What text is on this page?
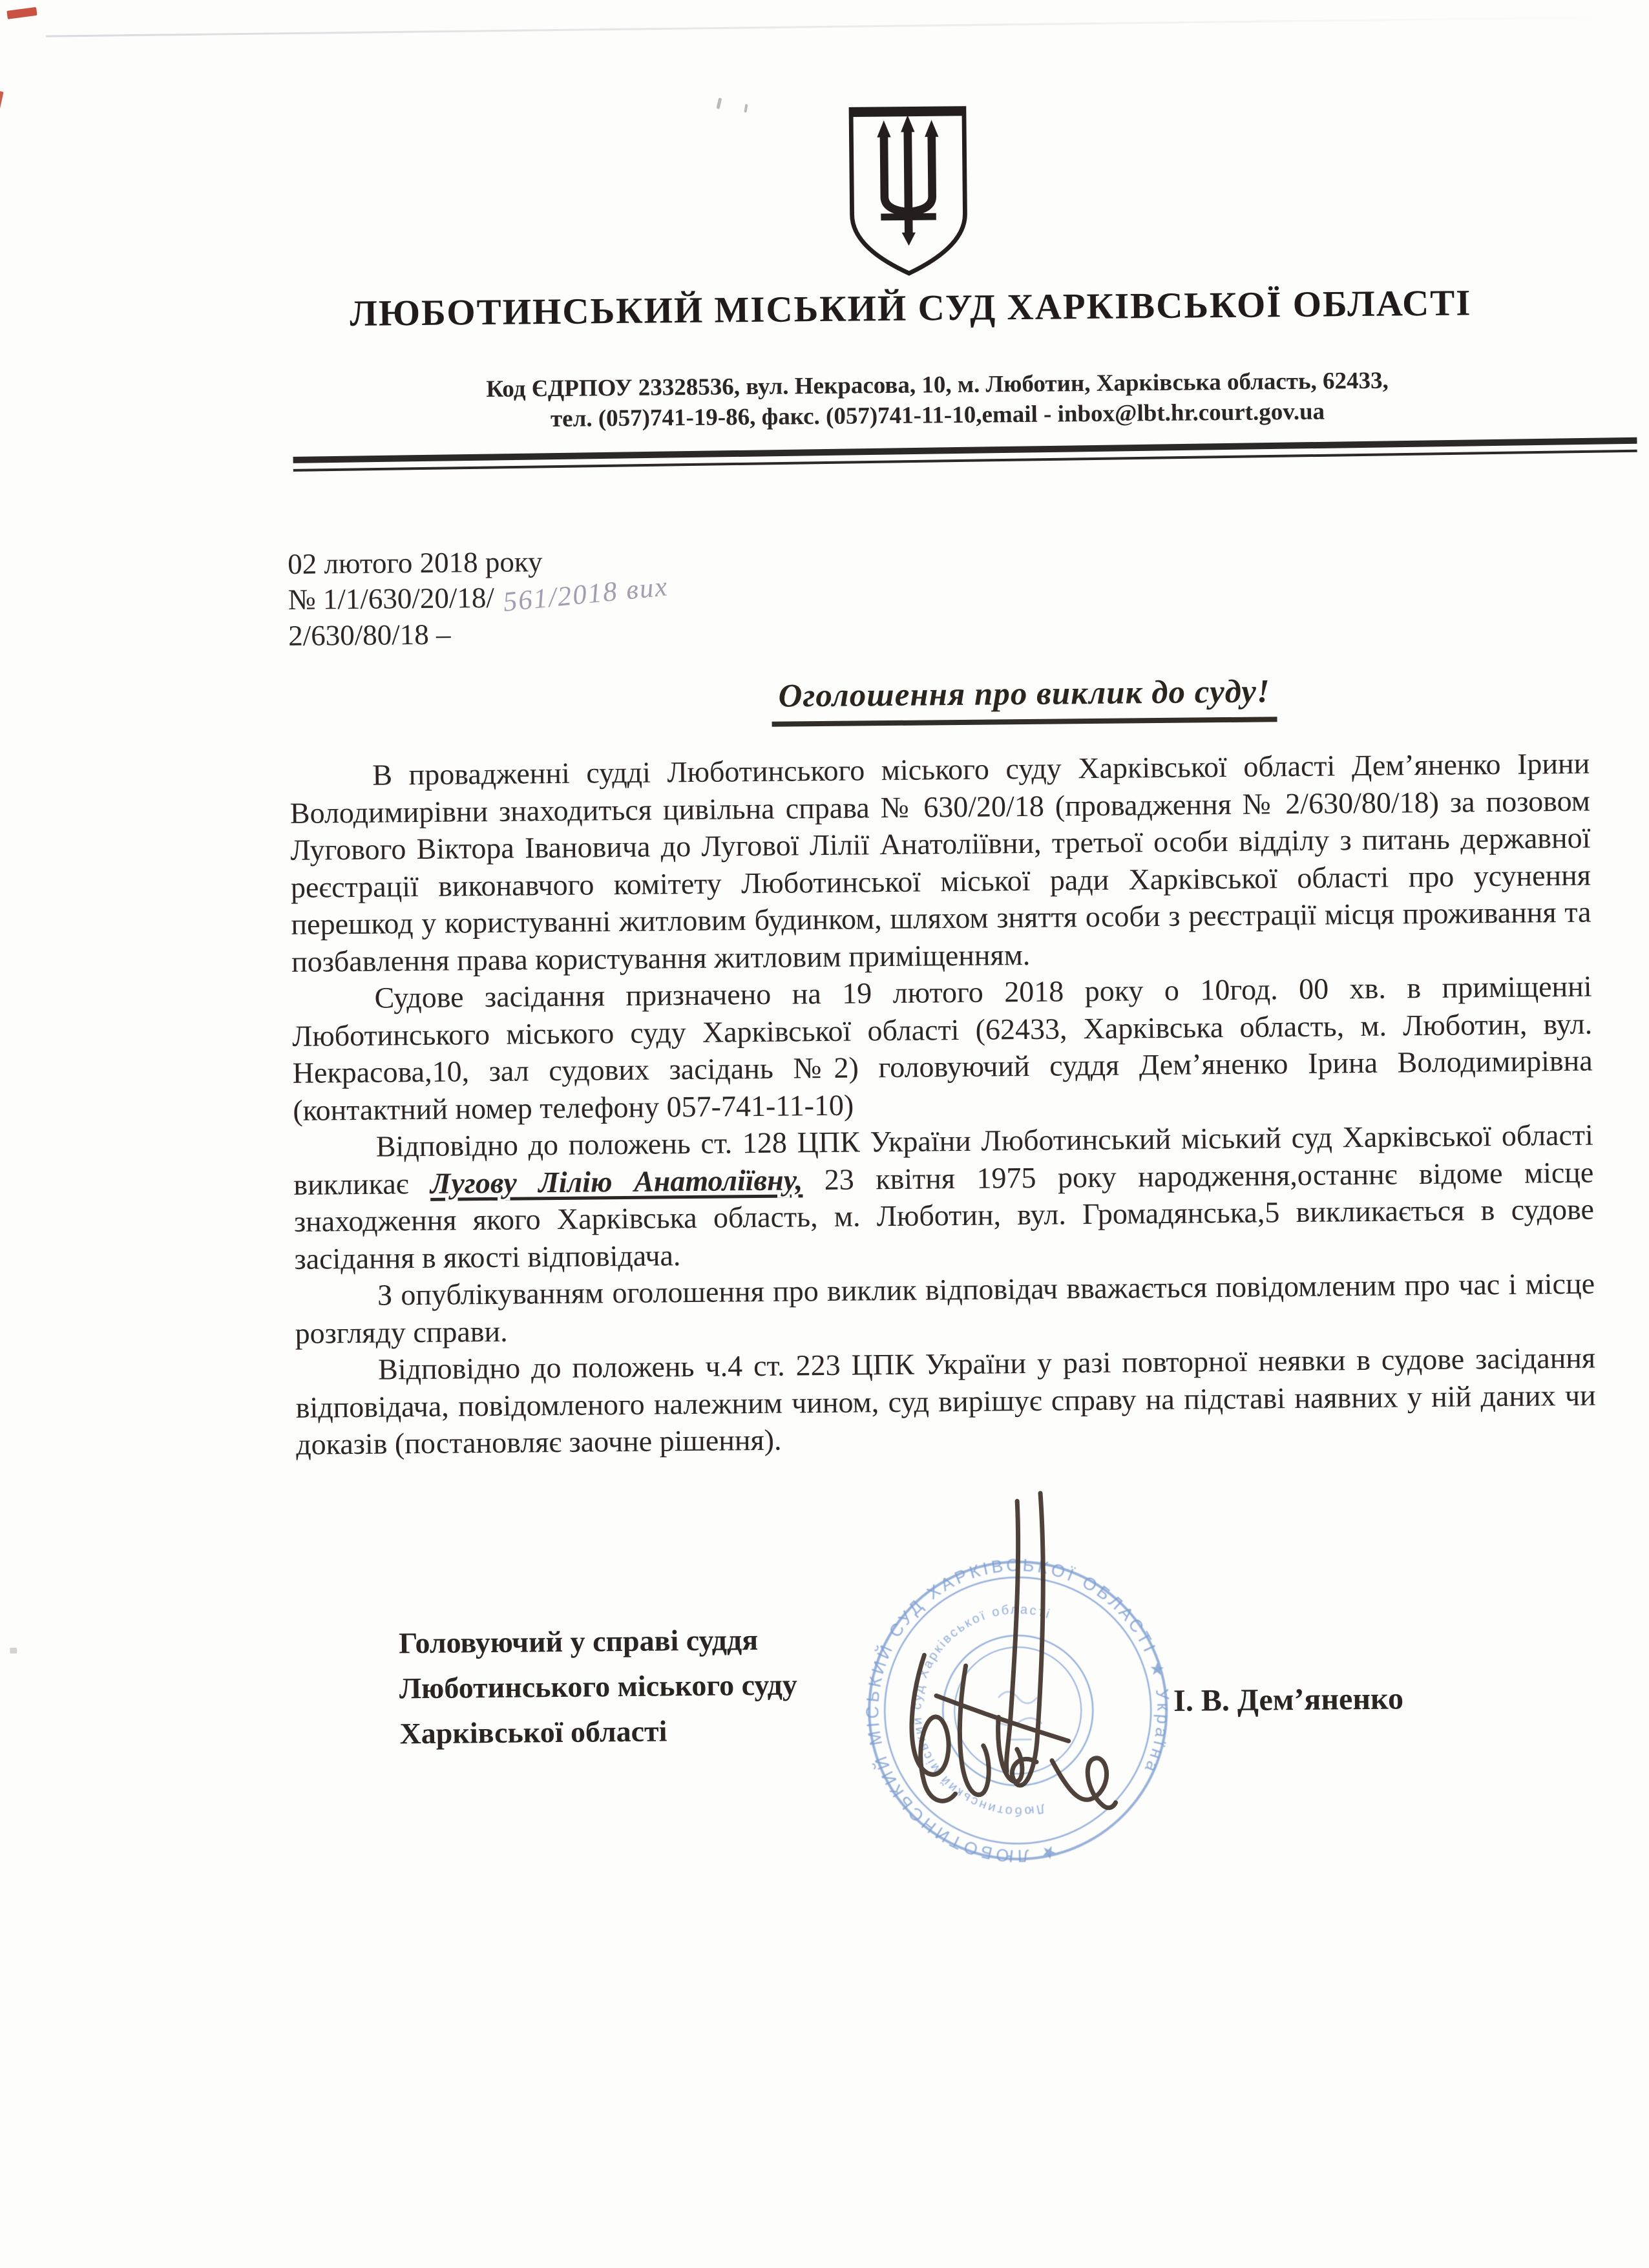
ЛЮБОТИНСЬКИЙ МІСЬКИЙ СУД ХАРКІВСЬКОЇ ОБЛАСТІ
Код ЄДРПОУ 23328536, вул. Некрасова, 10, м. Люботин, Харківська область, 62433,
тел. (057)741-19-86, факс. (057)741-11-10,email - inbox@lbt.hr.court.gov.ua
02 лютого 2018 року
№ 1/1/630/20/18/ 561/2018 вих
2/630/80/18 –
Оголошення про виклик до суду!

В провадженні судді Люботинського міського суду Харківської області Дем’яненко Ірини Володимирівни знаходиться цивільна справа № 630/20/18 (провадження № 2/630/80/18) за позовом Лугового Віктора Івановича до Лугової Лілії Анатоліївни, третьої особи відділу з питань державної реєстрації виконавчого комітету Люботинської міської ради Харківської області про усунення перешкод у користуванні житловим будинком, шляхом зняття особи з реєстрації місця проживання та позбавлення права користування житловим приміщенням.

Судове засідання призначено на 19 лютого 2018 року о 10год. 00 хв. в приміщенні Люботинського міського суду Харківської області (62433, Харківська область, м. Люботин, вул. Некрасова,10, зал судових засідань №2) головуючий суддя Дем’яненко Ірина Володимирівна (контактний номер телефону 057-741-11-10)

Відповідно до положень ст. 128 ЦПК України Люботинський міський суд Харківської області викликає Лугову Лілію Анатоліївну, 23 квітня 1975 року народження,останнє відоме місце знаходження якого Харківська область, м. Люботин, вул. Громадянська,5 викликається в судове засідання в якості відповідача.

З опублікуванням оголошення про виклик відповідач вважається повідомленим про час і місце розгляду справи.

Відповідно до положень ч.4 ст. 223 ЦПК України у разі повторної неявки в судове засідання відповідача, повідомленого належним чином, суд вирішує справу на підставі наявних у ній даних чи доказів (постановляє заочне рішення).

Головуючий у справі суддя
Люботинського міського суду
Харківської області
★ ЛЮБОТИНСЬКИЙ МІСЬКИЙ СУД ХАРКІВСЬКОЇ ОБЛАСТІ ★ Україна
Люботинський міський суд Харківської області
І. В. Дем’яненко
